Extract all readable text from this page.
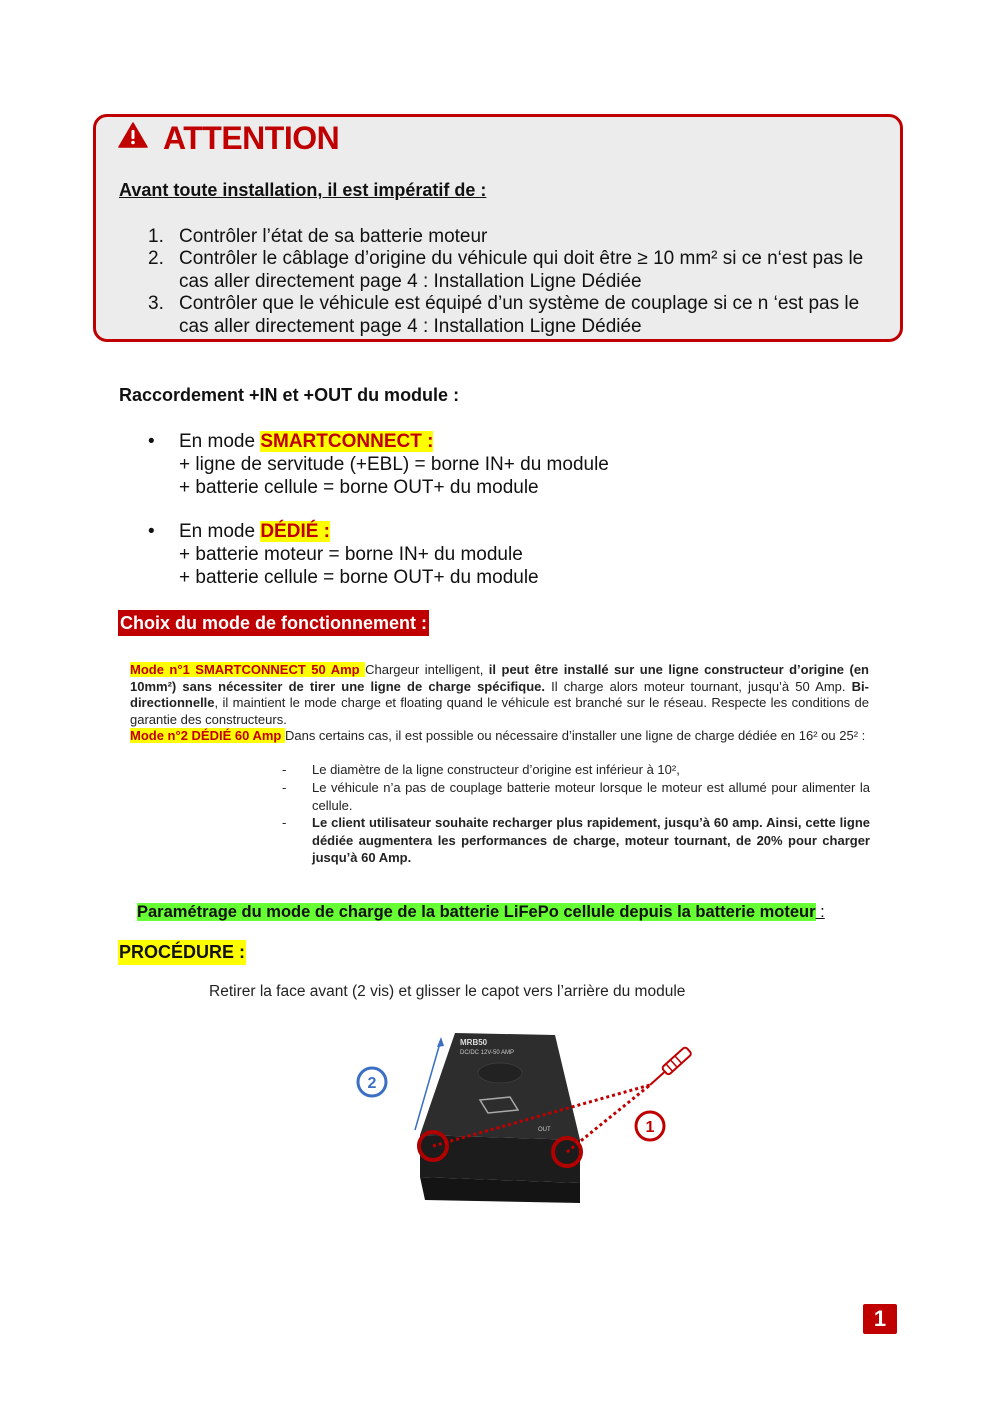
ATTENTION
Avant toute installation, il est impératif de :
1. Contrôler l’état de sa batterie moteur
2. Contrôler le câblage d’origine du véhicule qui doit être ≥ 10 mm² si ce n‘est pas le cas aller directement page 4 : Installation Ligne Dédiée
3. Contrôler que le véhicule est équipé d’un système de couplage si ce n ‘est pas le cas aller directement page 4 : Installation Ligne Dédiée
Raccordement +IN et +OUT du module :
• En mode SMARTCONNECT :
+ ligne de servitude (+EBL) = borne IN+ du module
+ batterie cellule = borne OUT+ du module
• En mode DÉDIÉ :
+ batterie moteur = borne IN+ du module
+ batterie cellule = borne OUT+ du module
Choix du mode de fonctionnement :
Mode n°1 SMARTCONNECT 50 Amp Chargeur intelligent, il peut être installé sur une ligne constructeur d’origine (en 10mm²) sans nécessiter de tirer une ligne de charge spécifique. Il charge alors moteur tournant, jusqu’à 50 Amp. Bi-directionnelle, il maintient le mode charge et floating quand le véhicule est branché sur le réseau. Respecte les conditions de garantie des constructeurs.
Mode n°2 DÉDIÉ 60 Amp Dans certains cas, il est possible ou nécessaire d’installer une ligne de charge dédiée en 16² ou 25² :
- Le diamètre de la ligne constructeur d’origine est inférieur à 10²,
- Le véhicule n’a pas de couplage batterie moteur lorsque le moteur est allumé pour alimenter la cellule.
- Le client utilisateur souhaite recharger plus rapidement, jusqu’à 60 amp. Ainsi, cette ligne dédiée augmentera les performances de charge, moteur tournant, de 20% pour charger jusqu’à 60 Amp.
Paramétrage du mode de charge de la batterie LiFePo cellule depuis la batterie moteur :
PROCÉDURE :
Retirer la face avant (2 vis) et glisser le capot vers l’arrière du module
MRB50
DC/DC 12V-50 AMP
OUT
2
1
1
